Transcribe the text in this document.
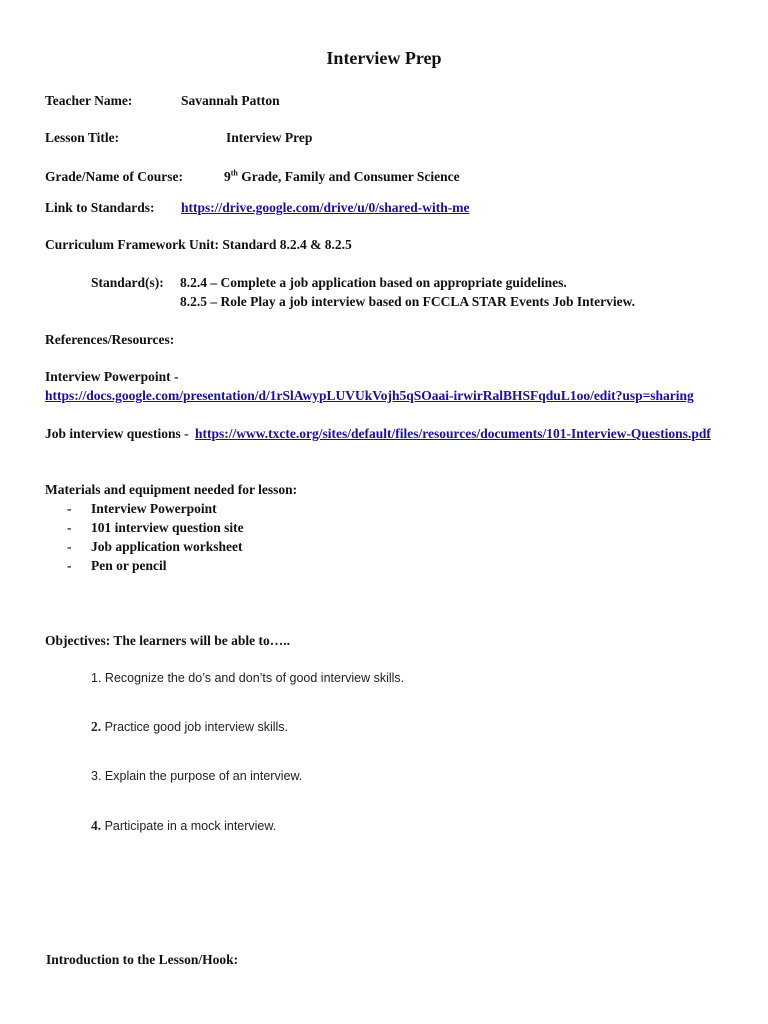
Interview Prep
Teacher Name:	Savannah Patton
Lesson Title:	Interview Prep
Grade/Name of Course:	9th Grade, Family and Consumer Science
Link to Standards: https://drive.google.com/drive/u/0/shared-with-me
Curriculum Framework Unit: Standard 8.2.4 & 8.2.5
Standard(s): 8.2.4 – Complete a job application based on appropriate guidelines.
8.2.5 – Role Play a job interview based on FCCLA STAR Events Job Interview.
References/Resources:
Interview Powerpoint -
https://docs.google.com/presentation/d/1rSlAwypLUVUkVojh5qSOaai-irwirRalBHSFqduL1oo/edit?usp=sharing
Job interview questions - https://www.txcte.org/sites/default/files/resources/documents/101-Interview-Questions.pdf
Materials and equipment needed for lesson:
- Interview Powerpoint
- 101 interview question site
- Job application worksheet
- Pen or pencil
Objectives: The learners will be able to…..
1. Recognize the do’s and don’ts of good interview skills.
2. Practice good job interview skills.
3. Explain the purpose of an interview.
4. Participate in a mock interview.
Introduction to the Lesson/Hook:
